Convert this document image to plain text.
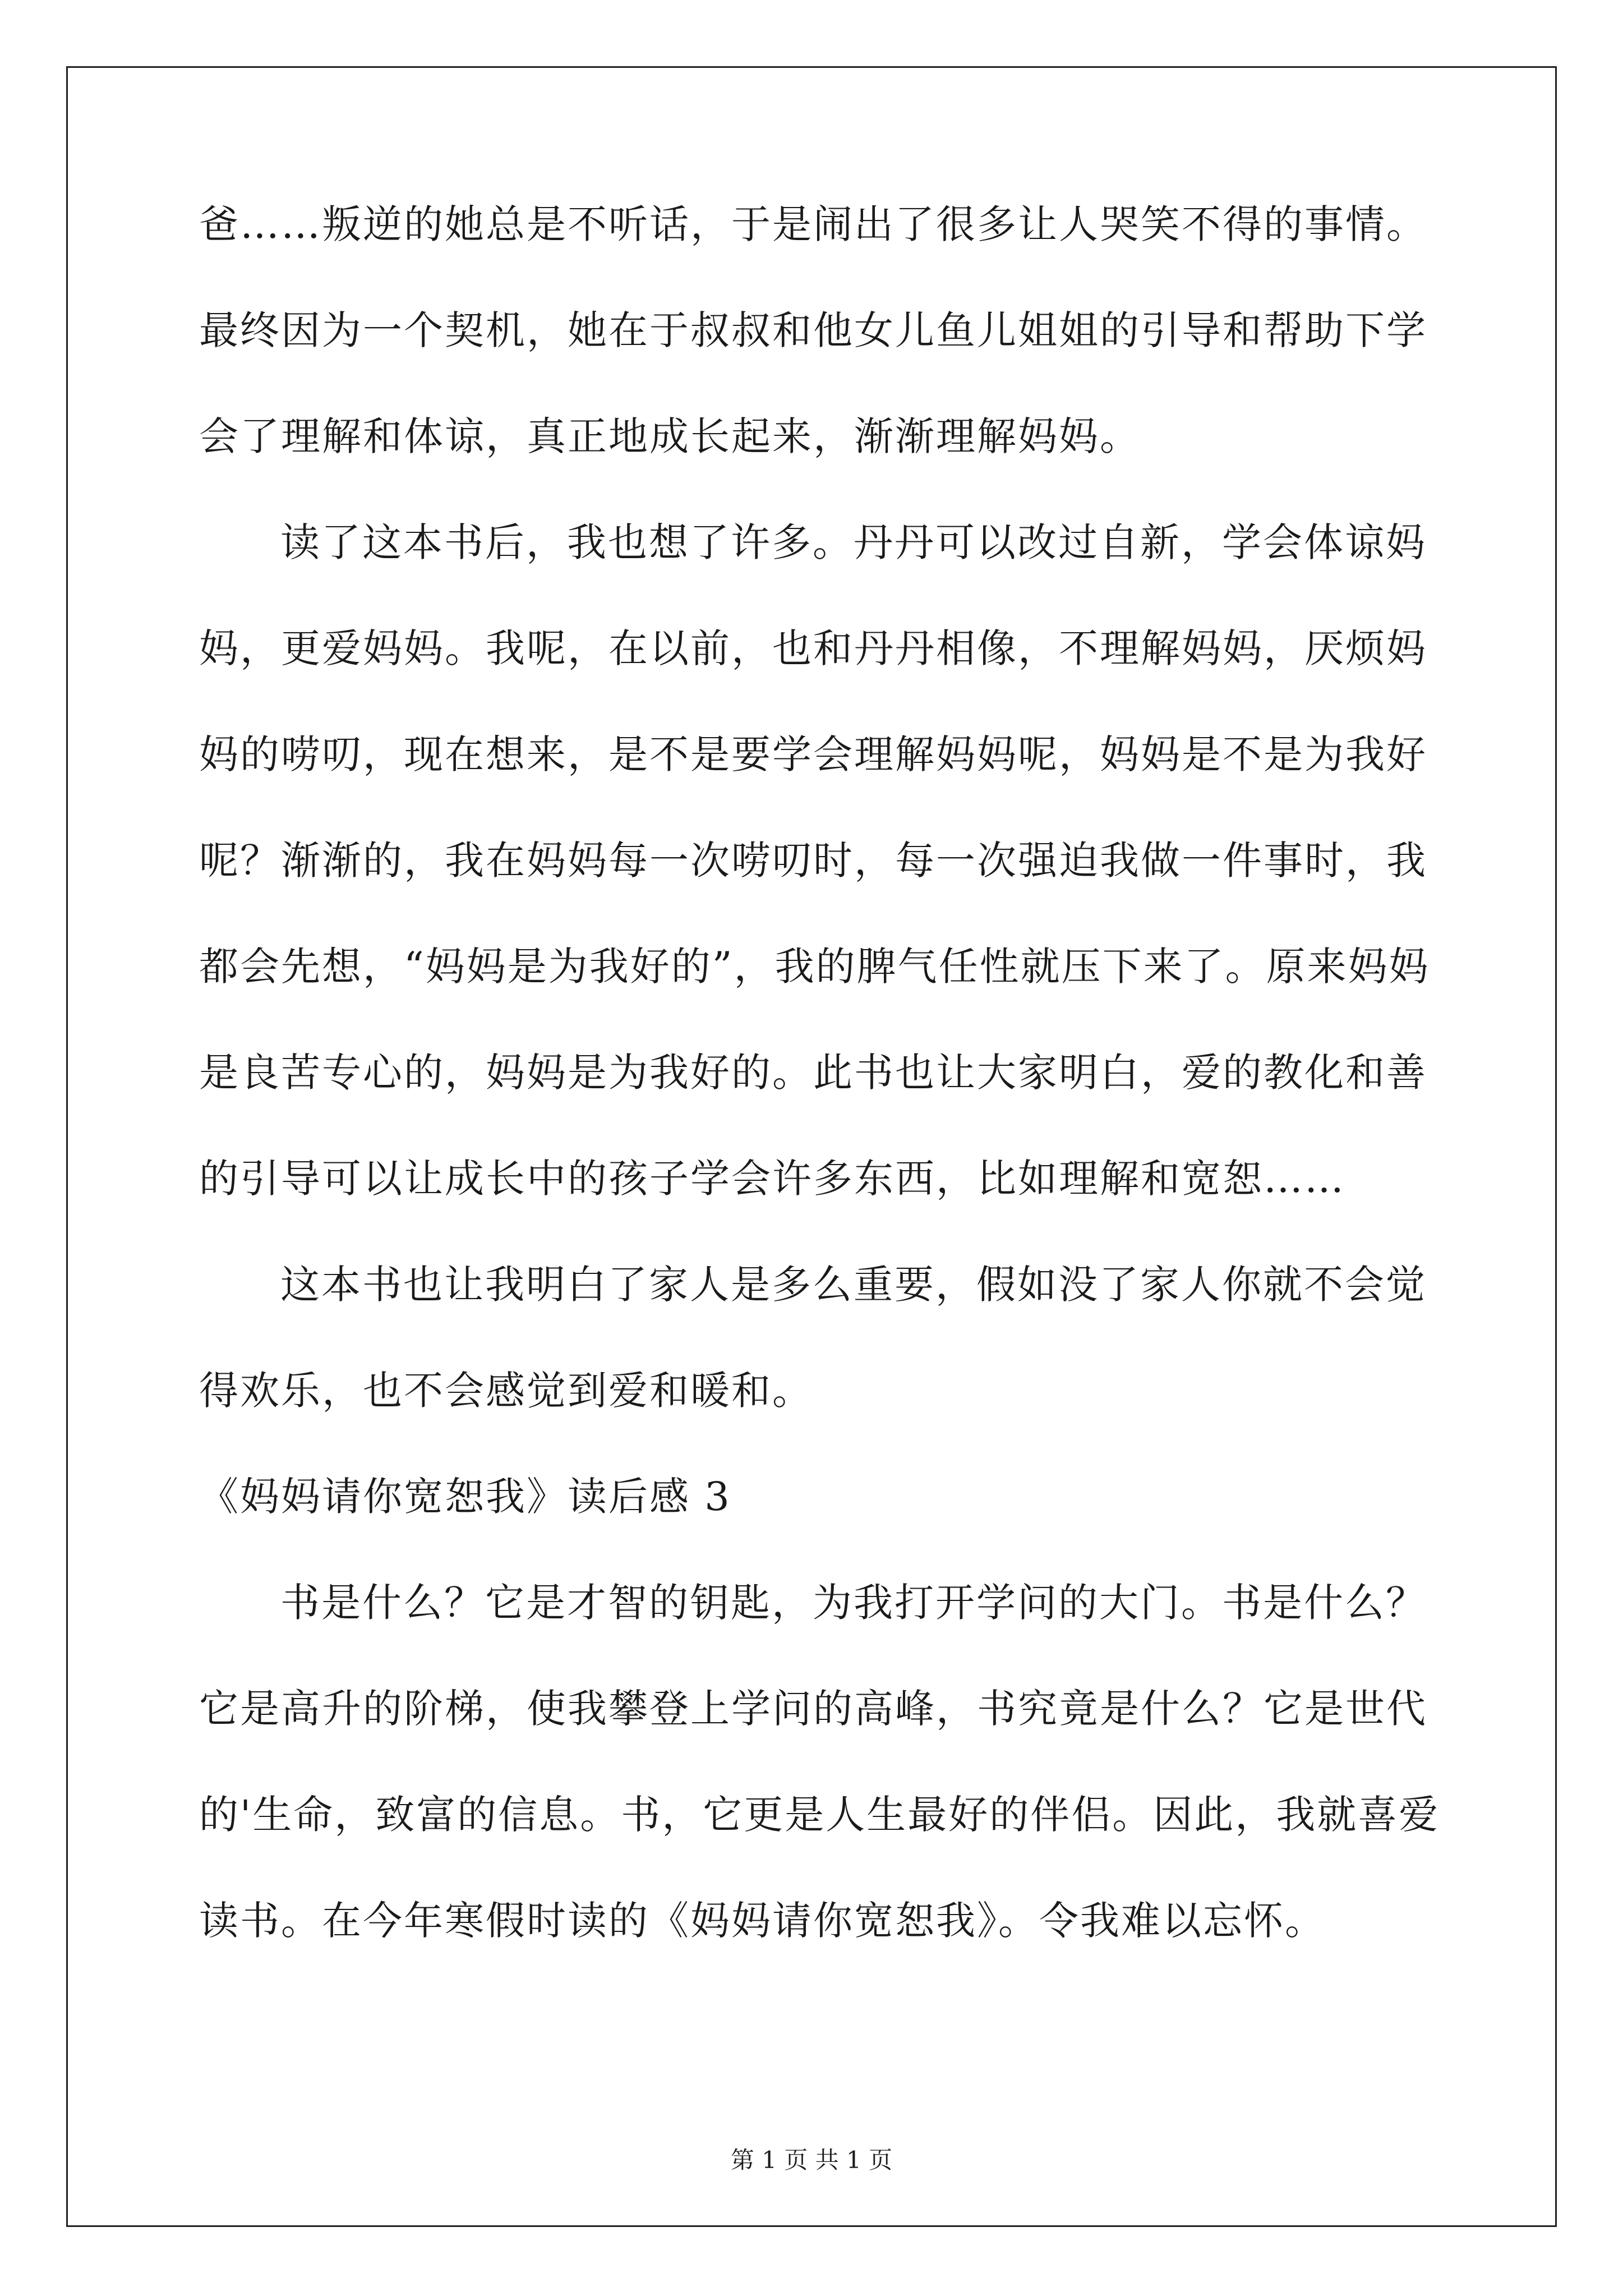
爸……叛逆的她总是不听话，于是闹出了很多让人哭笑不得的事情。
最终因为一个契机，她在于叔叔和他女儿鱼儿姐姐的引导和帮助下学
会了理解和体谅，真正地成长起来，渐渐理解妈妈。
读了这本书后，我也想了许多。丹丹可以改过自新，学会体谅妈
妈，更爱妈妈。我呢，在以前，也和丹丹相像，不理解妈妈，厌烦妈
妈的唠叨，现在想来，是不是要学会理解妈妈呢，妈妈是不是为我好
呢？渐渐的，我在妈妈每一次唠叨时，每一次强迫我做一件事时，我
都会先想，“妈妈是为我好的”，我的脾气任性就压下来了。原来妈妈
是良苦专心的，妈妈是为我好的。此书也让大家明白，爱的教化和善
的引导可以让成长中的孩子学会许多东西，比如理解和宽恕……
这本书也让我明白了家人是多么重要，假如没了家人你就不会觉
得欢乐，也不会感觉到爱和暖和。
《妈妈请你宽恕我》读后感 3
书是什么？它是才智的钥匙，为我打开学问的大门。书是什么？
它是高升的阶梯，使我攀登上学问的高峰，书究竟是什么？它是世代
的'生命，致富的信息。书，它更是人生最好的伴侣。因此，我就喜爱
读书。在今年寒假时读的《妈妈请你宽恕我》。令我难以忘怀。
第 1 页 共 1 页
